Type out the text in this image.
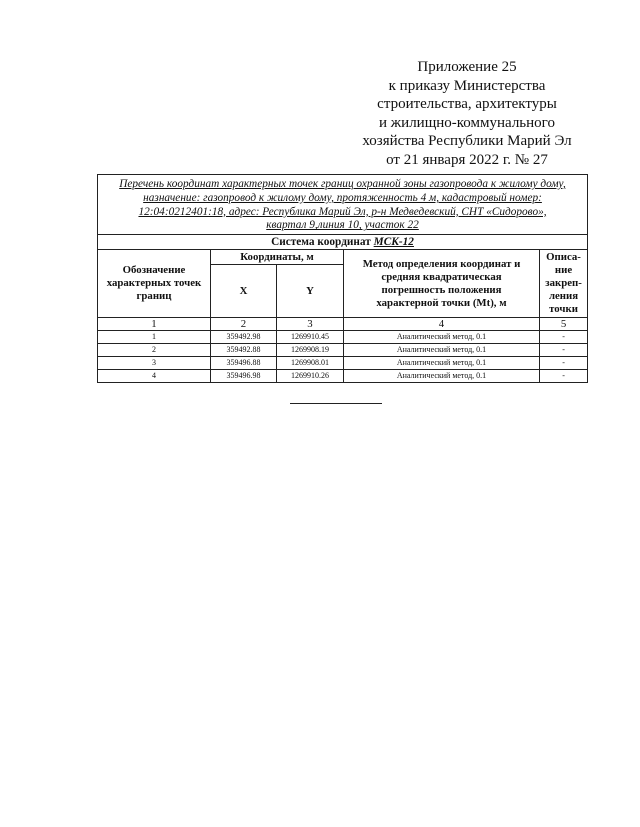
Приложение 25
к приказу Министерства
строительства, архитектуры
и жилищно-коммунального
хозяйства Республики Марий Эл
от 21 января 2022 г. № 27
Перечень координат характерных точек границ охранной зоны газопровода к жилому дому,
назначение: газопровод к жилому дому, протяженность 4 м, кадастровый номер:
12:04:0212401:18, адрес: Республика Марий Эл, р-н Медведевский, СНТ «Сидорово»,
квартал 9,линия 10, участок 22				

Система координат МСК-12				
Обозначение характерных точек границ	Координаты, м		Метод определения координат и средняя квадратическая погрешность положения характерной точки (Mt), м	Описа-ние закреп-ления точки
	X	Y		
1	2	3	4	5
1	359492.98	1269910.45	Аналитический метод, 0.1	-
2	359492.88	1269908.19	Аналитический метод, 0.1	-
3	359496.88	1269908.01	Аналитический метод, 0.1	-
4	359496.98	1269910.26	Аналитический метод, 0.1	-
